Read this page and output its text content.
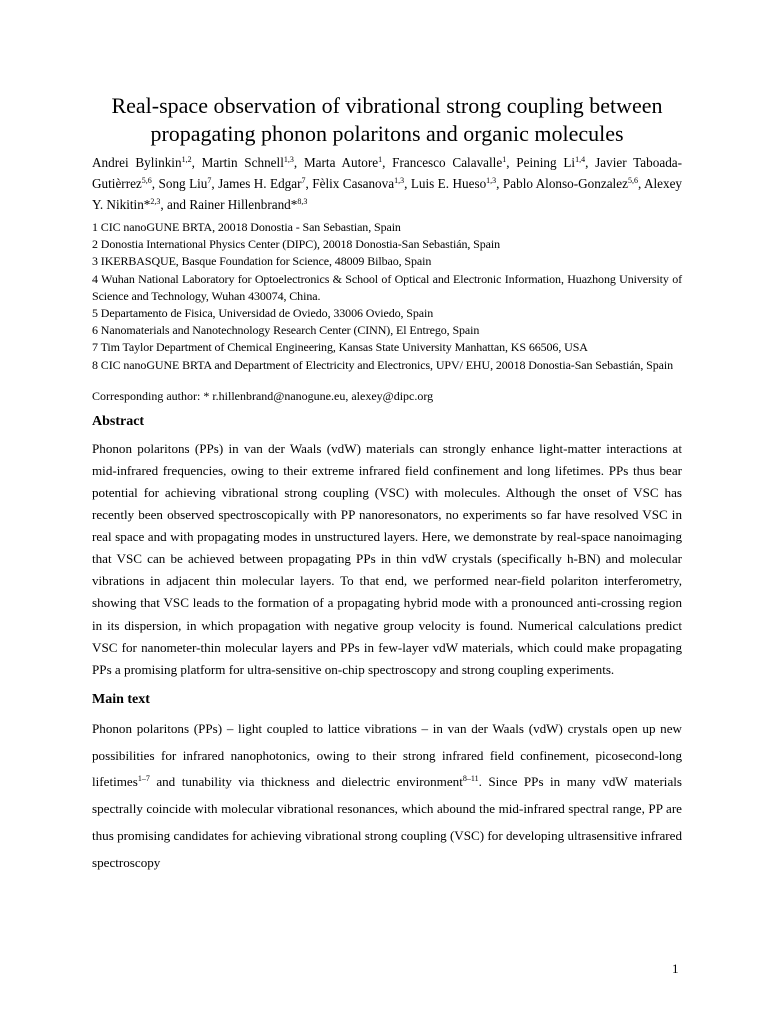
Real-space observation of vibrational strong coupling between propagating phonon polaritons and organic molecules
Andrei Bylinkin$^{1,2}$, Martin Schnell$^{1,3}$, Marta Autore$^1$, Francesco Calavalle$^1$, Peining Li$^{1,4}$, Javier Taboada-Gutièrrez$^{5,6}$, Song Liu$^7$, James H. Edgar$^7$, Fèlix Casanova$^{1,3}$, Luis E. Hueso$^{1,3}$, Pablo Alonso-Gonzalez$^{5,6}$, Alexey Y. Nikitin*$^{2,3}$, and Rainer Hillenbrand*$^{8,3}$
1 CIC nanoGUNE BRTA, 20018 Donostia - San Sebastian, Spain
2 Donostia International Physics Center (DIPC), 20018 Donostia-San Sebastián, Spain
3 IKERBASQUE, Basque Foundation for Science, 48009 Bilbao, Spain
4 Wuhan National Laboratory for Optoelectronics & School of Optical and Electronic Information, Huazhong University of Science and Technology, Wuhan 430074, China.
5 Departamento de Fisica, Universidad de Oviedo, 33006 Oviedo, Spain
6 Nanomaterials and Nanotechnology Research Center (CINN), El Entrego, Spain
7 Tim Taylor Department of Chemical Engineering, Kansas State University Manhattan, KS 66506, USA
8 CIC nanoGUNE BRTA and Department of Electricity and Electronics, UPV/ EHU, 20018 Donostia-San Sebastián, Spain
Corresponding author: * r.hillenbrand@nanogune.eu, alexey@dipc.org
Abstract

Phonon polaritons (PPs) in van der Waals (vdW) materials can strongly enhance light-matter interactions at mid-infrared frequencies, owing to their extreme infrared field confinement and long lifetimes. PPs thus bear potential for achieving vibrational strong coupling (VSC) with molecules. Although the onset of VSC has recently been observed spectroscopically with PP nanoresonators, no experiments so far have resolved VSC in real space and with propagating modes in unstructured layers. Here, we demonstrate by real-space nanoimaging that VSC can be achieved between propagating PPs in thin vdW crystals (specifically h-BN) and molecular vibrations in adjacent thin molecular layers. To that end, we performed near-field polariton interferometry, showing that VSC leads to the formation of a propagating hybrid mode with a pronounced anti-crossing region in its dispersion, in which propagation with negative group velocity is found. Numerical calculations predict VSC for nanometer-thin molecular layers and PPs in few-layer vdW materials, which could make propagating PPs a promising platform for ultra-sensitive on-chip spectroscopy and strong coupling experiments.

Main text

Phonon polaritons (PPs) – light coupled to lattice vibrations – in van der Waals (vdW) crystals open up new possibilities for infrared nanophotonics, owing to their strong infrared field confinement, picosecond-long lifetimes$^{1-7}$ and tunability via thickness and dielectric environment$^{8-11}$. Since PPs in many vdW materials spectrally coincide with molecular vibrational resonances, which abound the mid-infrared spectral range, PP are thus promising candidates for achieving vibrational strong coupling (VSC) for developing ultrasensitive infrared spectroscopy

1
